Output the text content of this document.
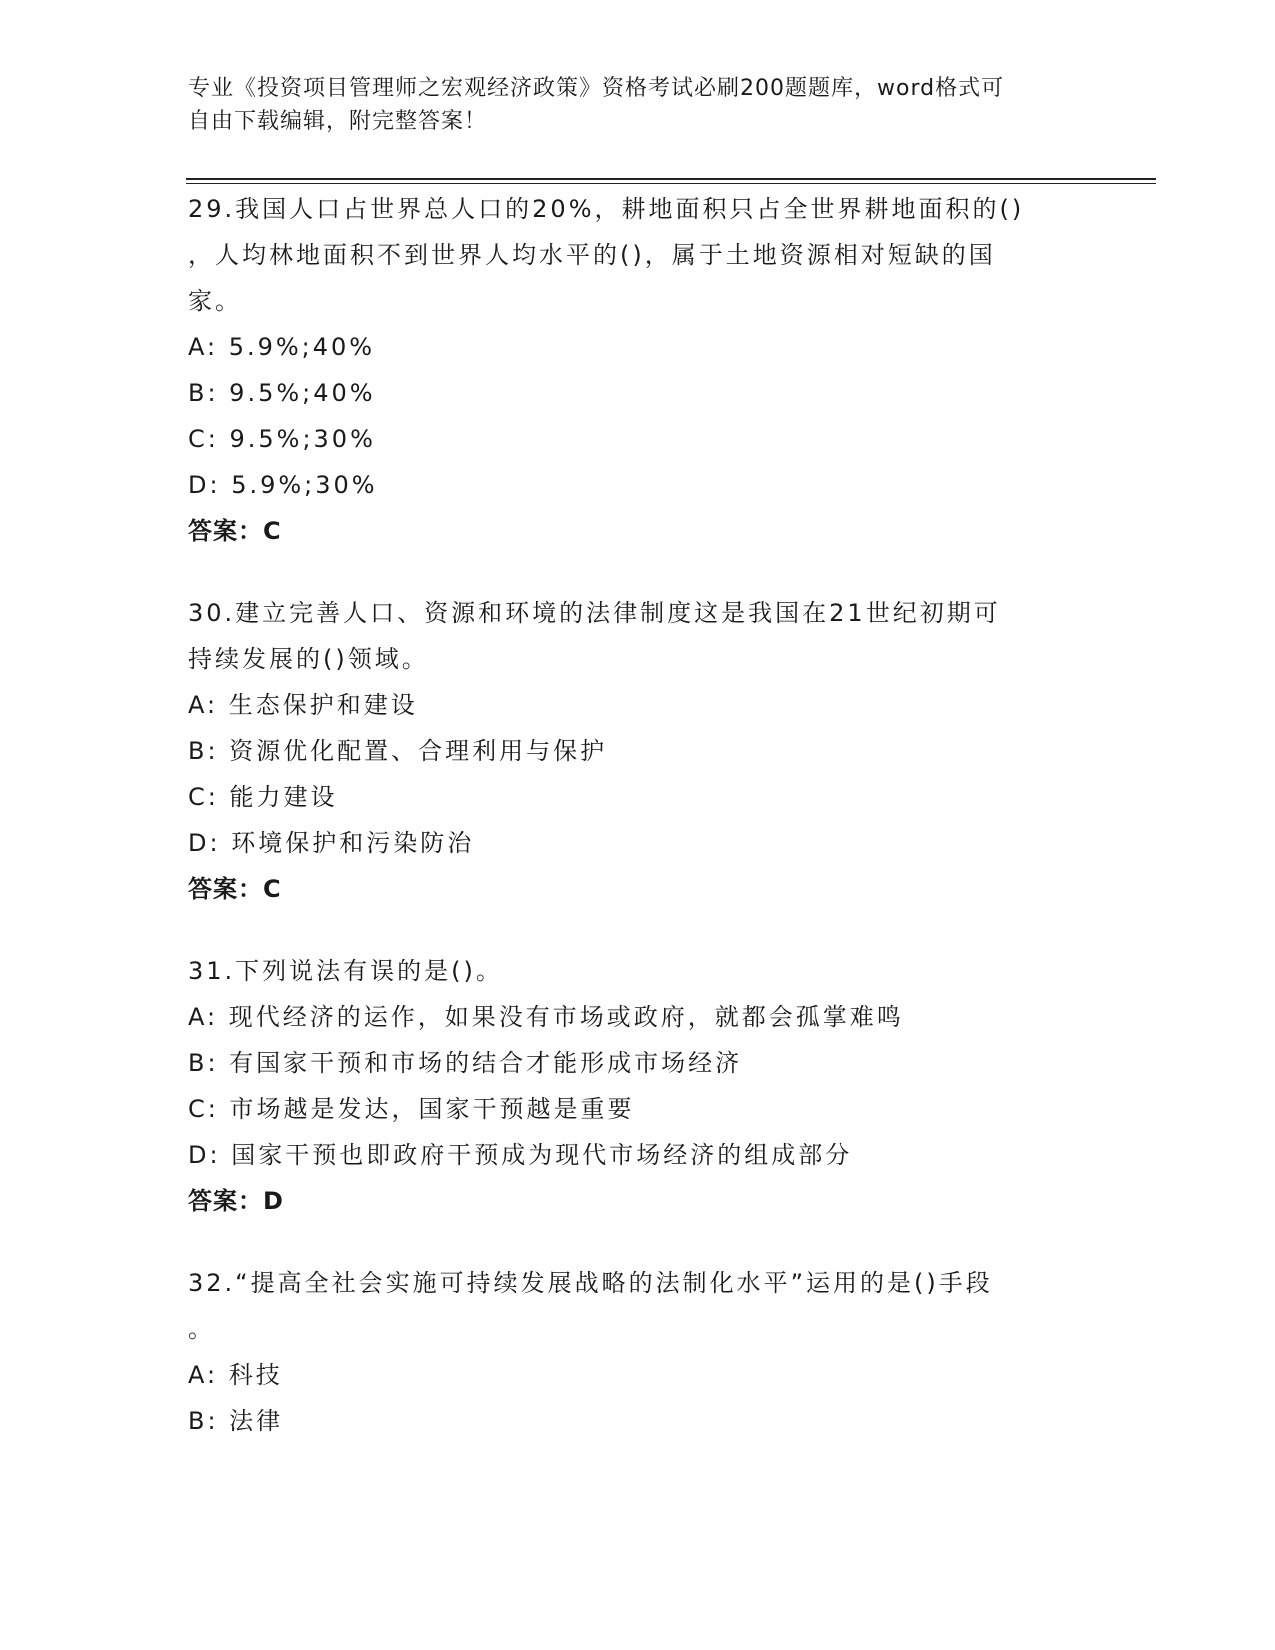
专业《投资项目管理师之宏观经济政策》资格考试必刷200题题库，word格式可
自由下载编辑，附完整答案！
29.我国人口占世界总人口的20%，耕地面积只占全世界耕地面积的()
，人均林地面积不到世界人均水平的()，属于土地资源相对短缺的国
家。
A: 5.9%;40%
B: 9.5%;40%
C: 9.5%;30%
D: 5.9%;30%
答案：C
30.建立完善人口、资源和环境的法律制度这是我国在21世纪初期可
持续发展的()领域。
A: 生态保护和建设
B: 资源优化配置、合理利用与保护
C: 能力建设
D: 环境保护和污染防治
答案：C
31.下列说法有误的是()。
A: 现代经济的运作，如果没有市场或政府，就都会孤掌难鸣
B: 有国家干预和市场的结合才能形成市场经济
C: 市场越是发达，国家干预越是重要
D: 国家干预也即政府干预成为现代市场经济的组成部分
答案：D
32.“提高全社会实施可持续发展战略的法制化水平”运用的是()手段
。
A: 科技
B: 法律
